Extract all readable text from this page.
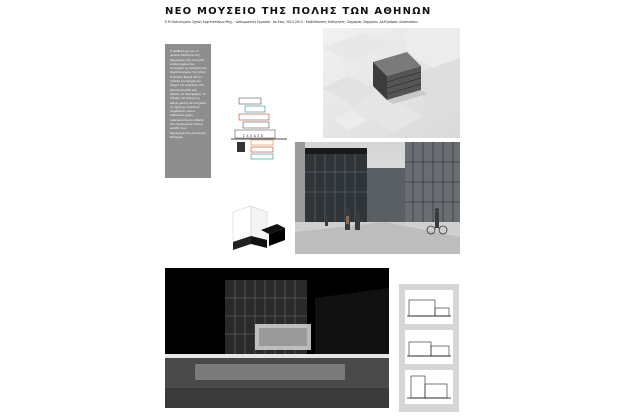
ΝΕΟ ΜΟΥΣΕΙΟ ΤΗΣ ΠΟΛΗΣ ΤΩΝ ΑΘΗΝΩΝ
Ε.Μ.Πολυτεχνείο Σχολή Αρχιτεκτόνων Μηχ. · Διπλωματική Εργασία · Ακ.έτος 2013-2014 · Επιβλέποντες Καθηγητές: Ζαχαρίας Ζαχαρίου, Αλέξανδρος Αναστασίου

Η πρόθεσή μας για το μουσείο βασίζεται στη δημιουργία ενός ανοιχτού ενιαίου χώρου που λειτουργεί ως συνέχεια του δημόσιου χώρου της πόλης. Η είσοδος ξεκινά από το επίπεδο του δρόμου και οδηγεί τον επισκέπτη στο εσωτερικό μέσα από ράμπες και πλατφόρμες. Το κέλυφος λειτουργεί ως φίλτρο φωτός και επιτρέπει τη σχέση με το αστικό περιβάλλον, ενώ οι εκθεσιακοί χώροι οργανώνονται σε επίπεδα που επικοινωνούν οπτικά μεταξύ τους δημιουργώντας μια συνεχή διαδρομή.	Σ Χ Ε Δ Ι Ο
